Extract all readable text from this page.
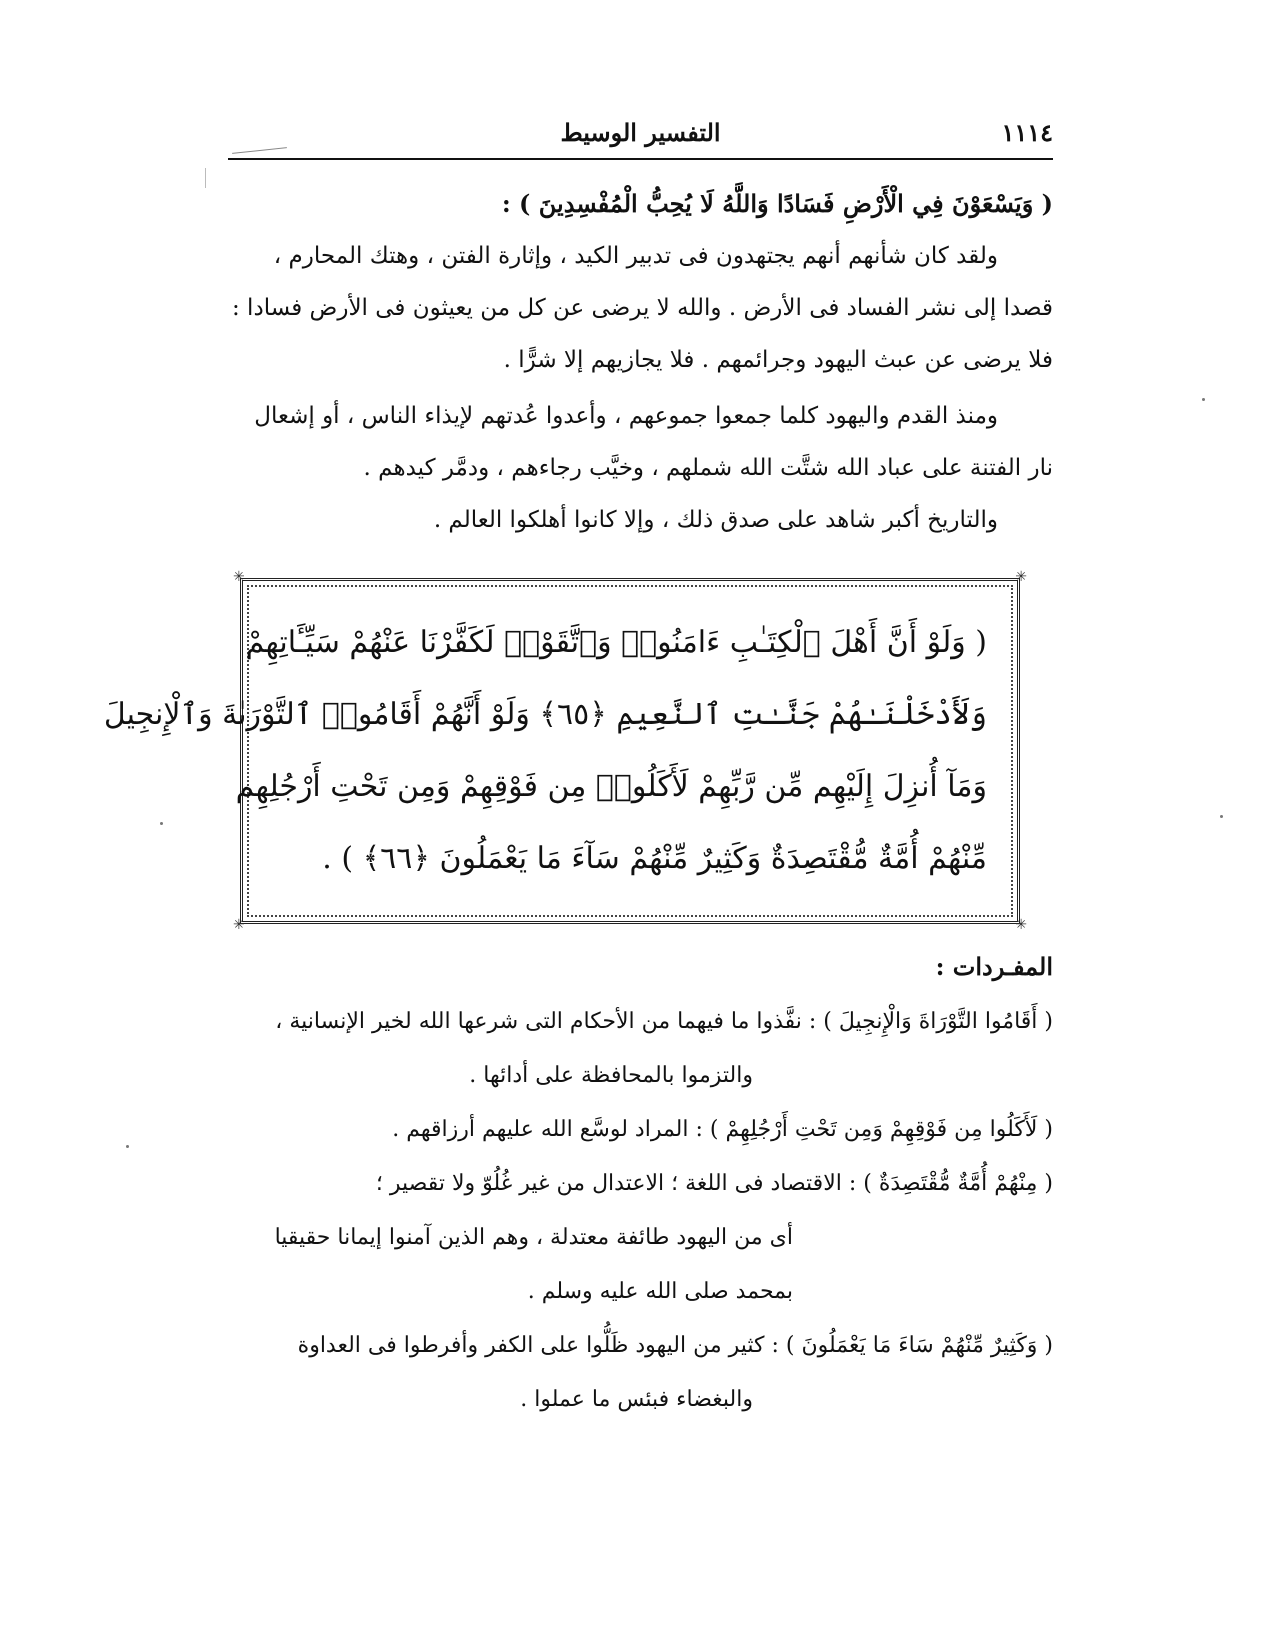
التفسير الوسيط	١١١٤
( وَيَسْعَوْنَ فِي الْأَرْضِ فَسَادًا وَاللَّهُ لَا يُحِبُّ الْمُفْسِدِينَ ) :
ولقد كان شأنهم أنهم يجتهدون فى تدبير الكيد ، وإثارة الفتن ، وهتك المحارم ،
قصدا إلى نشر الفساد فى الأرض . والله لا يرضى عن كل من يعيثون فى الأرض فسادا :
فلا يرضى عن عبث اليهود وجرائمهم . فلا يجازيهم إلا شرًّا .
ومنذ القدم واليهود كلما جمعوا جموعهم ، وأعدوا عُدتهم لإيذاء الناس ، أو إشعال
نار الفتنة على عباد الله شتَّت الله شملهم ، وخيَّب رجاءهم ، ودمَّر كيدهم .
والتاريخ أكبر شاهد على صدق ذلك ، وإلا كانوا أهلكوا العالم .
✳	✳
✳	✳
( وَلَوْ أَنَّ أَهْلَ ٱلْكِتَـٰبِ ءَامَنُوا۟ وَٱتَّقَوْا۟ لَكَفَّرْنَا عَنْهُمْ سَيِّـَٔاتِهِمْ
وَلَأَدْخَلْنَـٰهُمْ جَنَّـٰتِ ٱلنَّعِيمِ ﴿٦٥﴾ وَلَوْ أَنَّهُمْ أَقَامُوا۟ ٱلتَّوْرَىٰةَ وَٱلْإِنجِيلَ
وَمَآ أُنزِلَ إِلَيْهِم مِّن رَّبِّهِمْ لَأَكَلُوا۟ مِن فَوْقِهِمْ وَمِن تَحْتِ أَرْجُلِهِم
مِّنْهُمْ أُمَّةٌ مُّقْتَصِدَةٌ وَكَثِيرٌ مِّنْهُمْ سَآءَ مَا يَعْمَلُونَ ﴿٦٦﴾ ) .
المفـردات :
( أَقَامُوا التَّوْرَاةَ وَالْإِنجِيلَ ) : نفَّذوا ما فيهما من الأحكام التى شرعها الله لخير الإنسانية ،
والتزموا بالمحافظة على أدائها .
( لَأَكَلُوا مِن فَوْقِهِمْ وَمِن تَحْتِ أَرْجُلِهِمْ ) : المراد لوسَّع الله عليهم أرزاقهم .
( مِنْهُمْ أُمَّةٌ مُّقْتَصِدَةٌ ) : الاقتصاد فى اللغة ؛ الاعتدال من غير غُلُوّ ولا تقصير ؛
أى من اليهود طائفة معتدلة ، وهم الذين آمنوا إيمانا حقيقيا
بمحمد صلى الله عليه وسلم .
( وَكَثِيرٌ مِّنْهُمْ سَاءَ مَا يَعْمَلُونَ ) : كثير من اليهود ظَلُّوا على الكفر وأفرطوا فى العداوة
والبغضاء فبئس ما عملوا .
